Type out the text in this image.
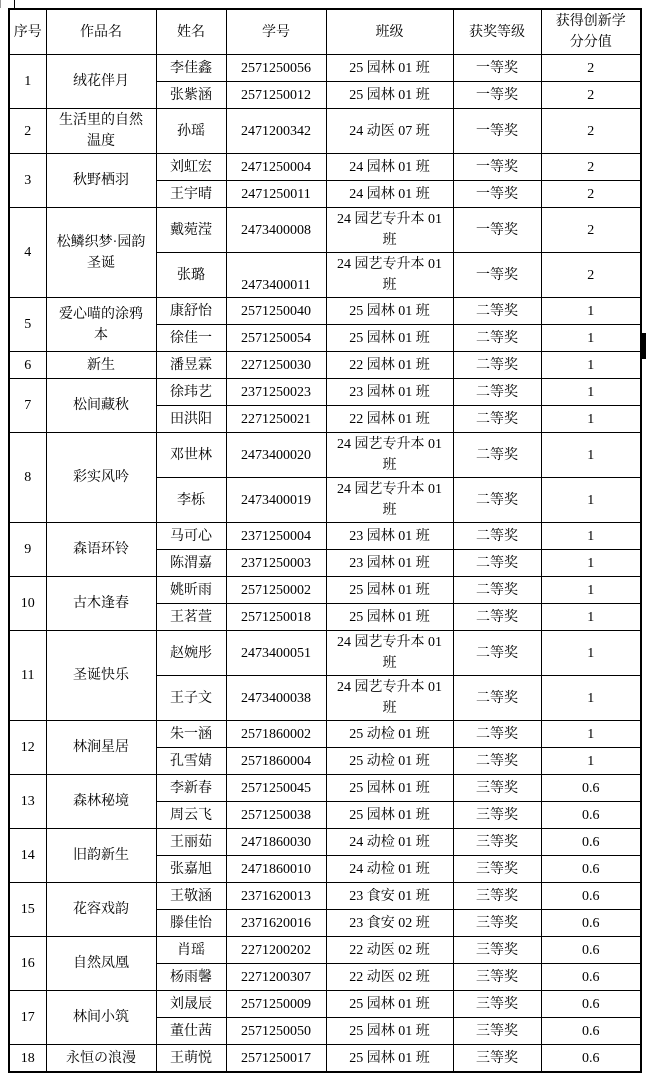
序号	作品名	姓名	学号	班级	获奖等级	获得创新学分分值
1	绒花伴月	李佳鑫	2571250056	25 园林 01 班	一等奖	2
		张紫涵	2571250012	25 园林 01 班	一等奖	2
2	生活里的自然温度	孙瑶	2471200342	24 动医 07 班	一等奖	2
3	秋野栖羽	刘虹宏	2471250004	24 园林 01 班	一等奖	2
		王宇晴	2471250011	24 园林 01 班	一等奖	2
4	松鳞织梦·园韵圣诞	戴菀滢	2473400008	24 园艺专升本 01 班	一等奖	2
		张璐	2473400011	24 园艺专升本 01 班	一等奖	2
5	爱心喵的涂鸦本	康舒怡	2571250040	25 园林 01 班	二等奖	1
		徐佳一	2571250054	25 园林 01 班	二等奖	1
6	新生	潘昱霖	2271250030	22 园林 01 班	二等奖	1
7	松间藏秋	徐玮艺	2371250023	23 园林 01 班	二等奖	1
		田洪阳	2271250021	22 园林 01 班	二等奖	1
8	彩实风吟	邓世林	2473400020	24 园艺专升本 01 班	二等奖	1
		李栎	2473400019	24 园艺专升本 01 班	二等奖	1
9	森语环铃	马可心	2371250004	23 园林 01 班	二等奖	1
		陈渭嘉	2371250003	23 园林 01 班	二等奖	1
10	古木逢春	姚昕雨	2571250002	25 园林 01 班	二等奖	1
		王茗萱	2571250018	25 园林 01 班	二等奖	1
11	圣诞快乐	赵婉彤	2473400051	24 园艺专升本 01 班	二等奖	1
		王子文	2473400038	24 园艺专升本 01 班	二等奖	1
12	林涧星居	朱一涵	2571860002	25 动检 01 班	二等奖	1
		孔雪婧	2571860004	25 动检 01 班	二等奖	1
13	森林秘境	李新春	2571250045	25 园林 01 班	三等奖	0.6
		周云飞	2571250038	25 园林 01 班	三等奖	0.6
14	旧韵新生	王丽茹	2471860030	24 动检 01 班	三等奖	0.6
		张嘉旭	2471860010	24 动检 01 班	三等奖	0.6
15	花容戏韵	王敬涵	2371620013	23 食安 01 班	三等奖	0.6
		滕佳怡	2371620016	23 食安 02 班	三等奖	0.6
16	自然凤凰	肖瑶	2271200202	22 动医 02 班	三等奖	0.6
		杨雨馨	2271200307	22 动医 02 班	三等奖	0.6
17	林间小筑	刘晟辰	2571250009	25 园林 01 班	三等奖	0.6
		董仕茜	2571250050	25 园林 01 班	三等奖	0.6
18	永恒の浪漫	王萌悦	2571250017	25 园林 01 班	三等奖	0.6
